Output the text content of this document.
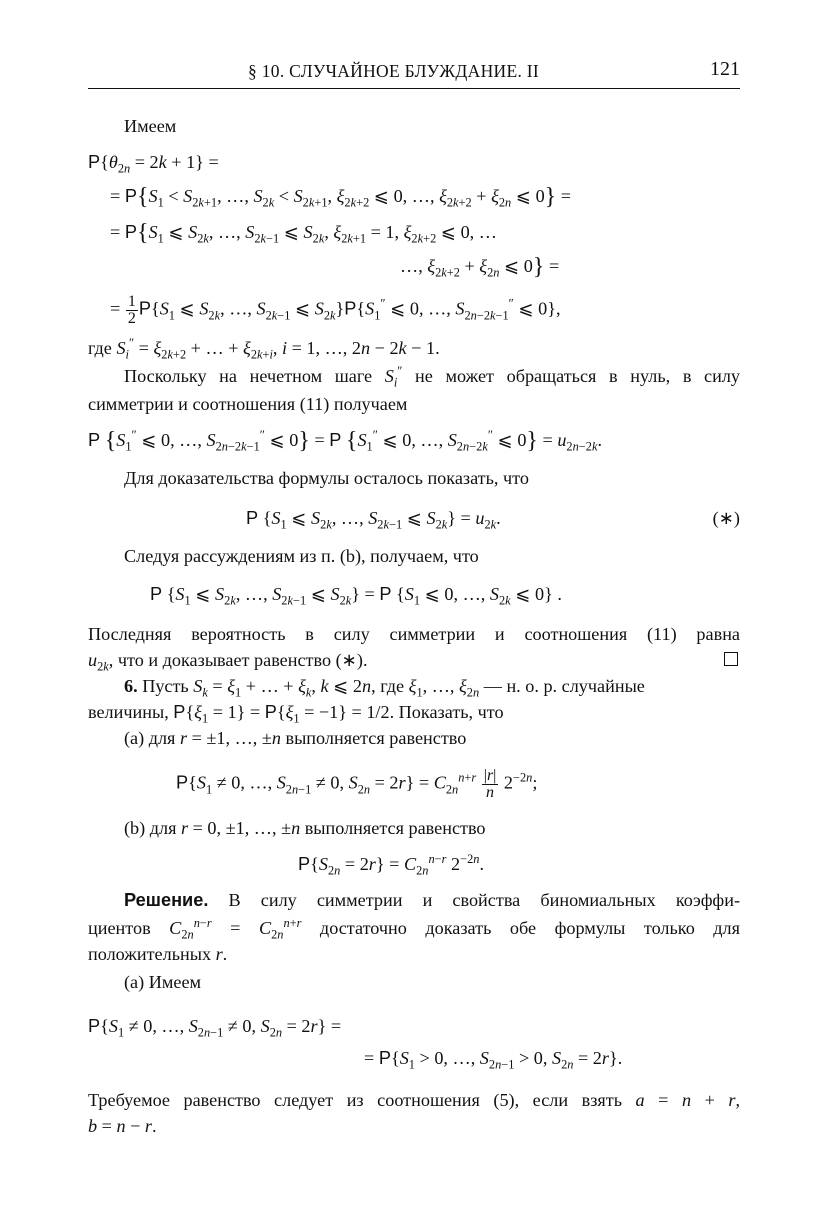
§ 10. СЛУЧАЙНОЕ БЛУЖДАНИЕ. II	121
Имеем
$P\{\theta_{2n} = 2k + 1\}$ =
= $P\{S_1 < S_{2k+1}$, …, $S_{2k} < S_{2k+1}$, $\xi_{2k+2}$ ⩽ 0, …, $\xi_{2k+2} + \xi_{2n}$ ⩽ 0} =
= $P\{S_1$ ⩽ $S_{2k}$, …, $S_{2k-1}$ ⩽ $S_{2k}$, $\xi_{2k+1} = 1$, $\xi_{2k+2}$ ⩽ 0, …
…, $\xi_{2k+2} + \xi_{2n}$ ⩽ 0} =
= $\frac{1}{2} P\{S_1$ ⩽ $S_{2k}$, …, $S_{2k-1}$ ⩽ $S_{2k}\}P\{S_1''$ ⩽ 0, …, $S_{2n-2k-1}''$ ⩽ 0},
где $S_i'' = \xi_{2k+2}$ + … + $\xi_{2k+i}$, i = 1, …, 2n − 2k − 1.
Поскольку на нечетном шаге $S_i''$ не может обращаться в нуль, в силу
симметрии и соотношения (11) получаем
P {$S_1''$ ⩽ 0, …, $S_{2n-2k-1}''$ ⩽ 0} = P {$S_1''$ ⩽ 0, …, $S_{2n-2k}''$ ⩽ $0\} = u_{2n-2k}$.
Для доказательства формулы осталось показать, что
P {$S_1$ ⩽ $S_{2k}$, …, $S_{2k-1}$ ⩽ $S_{2k}\} = u_{2k}$.	(∗)
Следуя рассуждениям из п. (b), получаем, что
P {$S_1$ ⩽ $S_{2k}$, …, $S_{2k-1}$ ⩽ $S_{2k}\} = P$ {$S_1$ ⩽ 0, …, $S_{2k}$ ⩽ 0} .
Последняя вероятность в силу симметрии и соотношения (11) равна
$u_{2k}$, что и доказывает равенство (∗).
6. Пусть $S_k = \xi_1$ + … + $\xi_k$, k ⩽ 2n, где $\xi_1$, …, $\xi_{2n}$ — н. о. р. случайные
величины, $P\{\xi_1 = 1\} = P\{\xi_1 = -1\} = 1/2$. Показать, что
(a) для r = ±1, …, ±n выполняется равенство
$P\{S_1 \ne 0$, …, $S_{2n-1} \ne 0$, $S_{2n} = 2r\} = C_{2n}^{n+r} \frac{|r|}{n} 2^{-2n}$;
(b) для r = 0, ±1, …, ±n выполняется равенство
$P\{S_{2n} = 2r\} = C_{2n}^{n-r}$ $2^{-2n}$.
Решение. В силу симметрии и свойства биномиальных коэффи-
циентов $C_{2n}^{n-r} = C_{2n}^{n+r}$ достаточно доказать обе формулы только для
положительных r.
(a) Имеем
$P\{S_1 \ne 0$, …, $S_{2n-1} \ne 0$, $S_{2n} = 2r$} =
= $P\{S_1 > 0$, …, $S_{2n-1} > 0$, $S_{2n} = 2r$}.
Требуемое равенство следует из соотношения (5), если взять a = n + r,
b = n − r.
